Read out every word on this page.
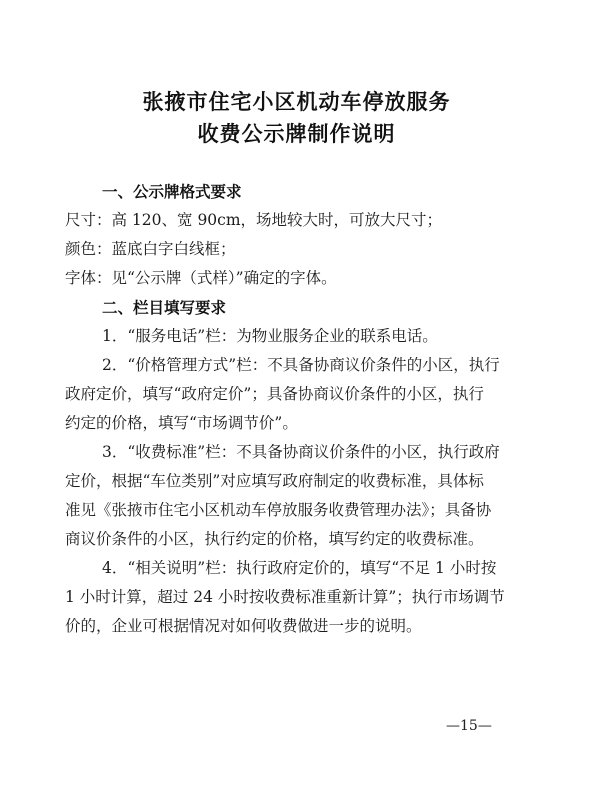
张掖市住宅小区机动车停放服务
收费公示牌制作说明
一、公示牌格式要求
尺寸：高 120、宽 90cm，场地较大时，可放大尺寸；
颜色：蓝底白字白线框；
字体：见“公示牌（式样）”确定的字体。
二、栏目填写要求
1．“服务电话”栏：为物业服务企业的联系电话。
2．“价格管理方式”栏：不具备协商议价条件的小区，执行
政府定价，填写“政府定价”；具备协商议价条件的小区，执行
约定的价格，填写“市场调节价”。
3．“收费标准”栏：不具备协商议价条件的小区，执行政府
定价，根据“车位类别”对应填写政府制定的收费标准，具体标
准见《张掖市住宅小区机动车停放服务收费管理办法》；具备协
商议价条件的小区，执行约定的价格，填写约定的收费标准。
4．“相关说明”栏：执行政府定价的，填写“不足 1 小时按
1 小时计算，超过 24 小时按收费标准重新计算”；执行市场调节
价的，企业可根据情况对如何收费做进一步的说明。
—15—
